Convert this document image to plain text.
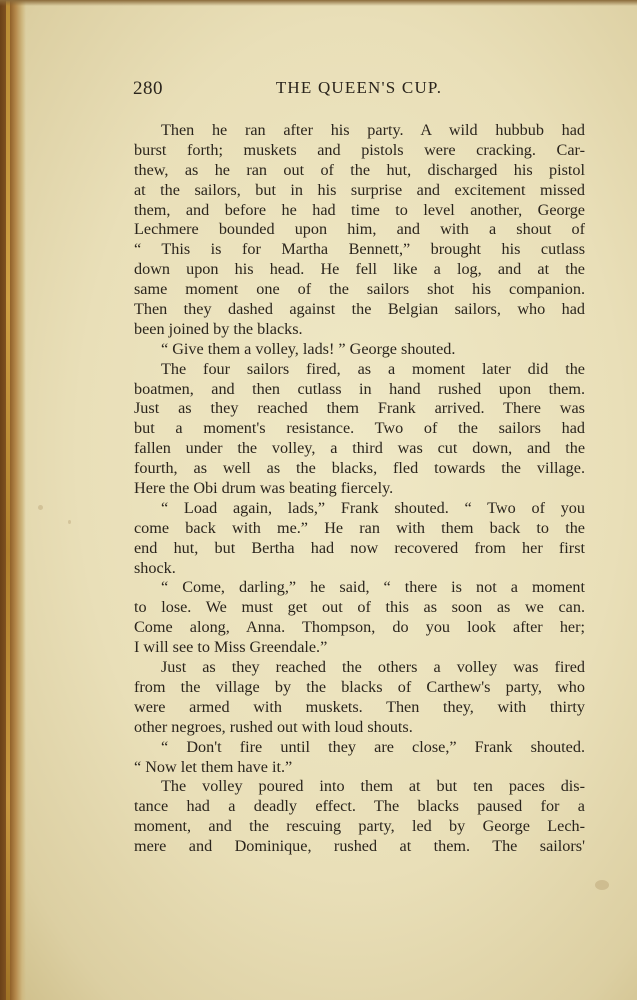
280	THE QUEEN'S CUP.
Then he ran after his party. A wild hubbub had
burst forth; muskets and pistols were cracking. Car-
thew, as he ran out of the hut, discharged his pistol
at the sailors, but in his surprise and excitement missed
them, and before he had time to level another, George
Lechmere bounded upon him, and with a shout of
“ This is for Martha Bennett,” brought his cutlass
down upon his head. He fell like a log, and at the
same moment one of the sailors shot his companion.
Then they dashed against the Belgian sailors, who had
been joined by the blacks.
“ Give them a volley, lads! ” George shouted.
The four sailors fired, as a moment later did the
boatmen, and then cutlass in hand rushed upon them.
Just as they reached them Frank arrived. There was
but a moment's resistance. Two of the sailors had
fallen under the volley, a third was cut down, and the
fourth, as well as the blacks, fled towards the village.
Here the Obi drum was beating fiercely.
“ Load again, lads,” Frank shouted. “ Two of you
come back with me.” He ran with them back to the
end hut, but Bertha had now recovered from her first
shock.
“ Come, darling,” he said, “ there is not a moment
to lose. We must get out of this as soon as we can.
Come along, Anna. Thompson, do you look after her;
I will see to Miss Greendale.”
Just as they reached the others a volley was fired
from the village by the blacks of Carthew's party, who
were armed with muskets. Then they, with thirty
other negroes, rushed out with loud shouts.
“ Don't fire until they are close,” Frank shouted.
“ Now let them have it.”
The volley poured into them at but ten paces dis-
tance had a deadly effect. The blacks paused for a
moment, and the rescuing party, led by George Lech-
mere and Dominique, rushed at them. The sailors'
